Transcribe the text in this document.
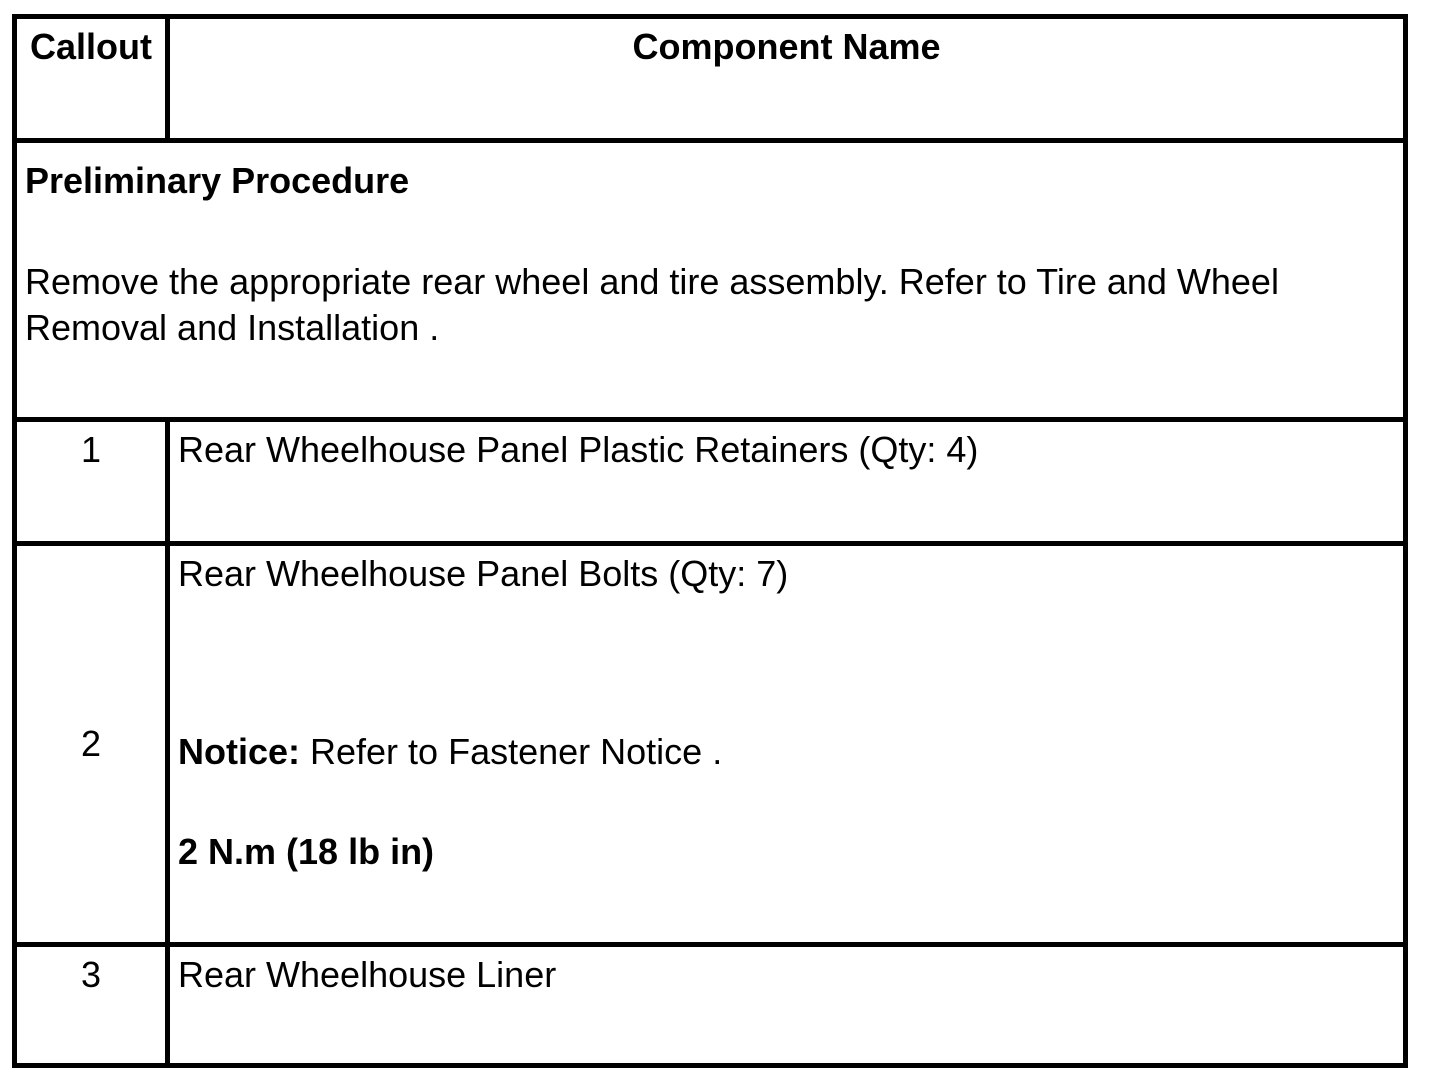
Callout	Component Name

Preliminary Procedure
Remove the appropriate rear wheel and tire assembly. Refer to Tire and Wheel Removal and Installation .	

1	Rear Wheelhouse Panel Plastic Retainers (Qty: 4)
2	Rear Wheelhouse Panel Bolts (Qty: 7)
Notice: Refer to Fastener Notice .
2 N.m (18 lb in)

3	Rear Wheelhouse Liner
